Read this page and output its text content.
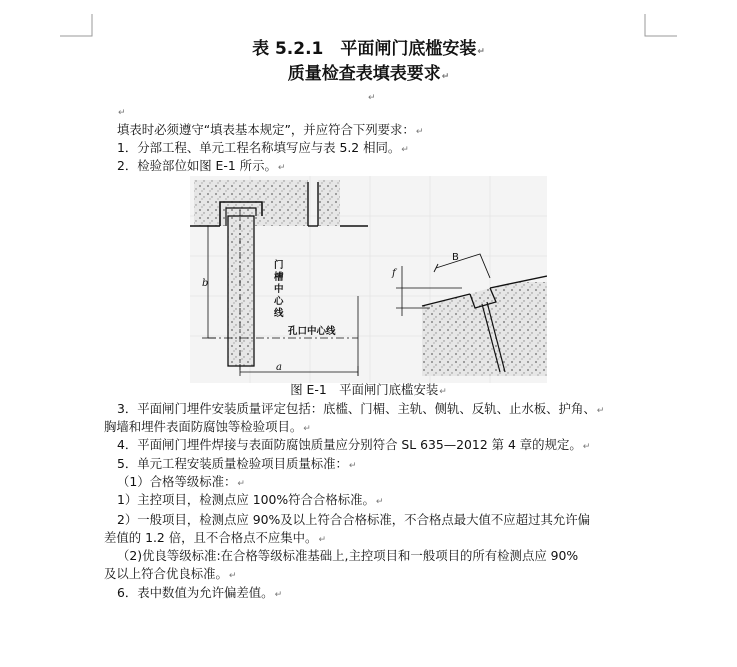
表 5.2.1　平面闸门底槛安装↵
质量检查表填表要求↵
↵
↵
填表时必须遵守“填表基本规定”，并应符合下列要求：↵
1．分部工程、单元工程名称填写应与表 5.2 相同。↵
2．检验部位如图 E-1 所示。↵
门 槽 中 心 线
b
孔口中心线
a
B
f
图 E-1　平面闸门底槛安装↵
3．平面闸门埋件安装质量评定包括：底槛、门楣、主轨、侧轨、反轨、止水板、护角、↵
胸墙和埋件表面防腐蚀等检验项目。↵
4．平面闸门埋件焊接与表面防腐蚀质量应分别符合 SL 635—2012 第 4 章的规定。↵
5．单元工程安装质量检验项目质量标准：↵
（1）合格等级标准：↵
1）主控项目，检测点应 100%符合合格标准。↵
2）一般项目，检测点应 90%及以上符合合格标准，不合格点最大值不应超过其允许偏
差值的 1.2 倍，且不合格点不应集中。↵
（2)优良等级标准:在合格等级标准基础上,主控项目和一般项目的所有检测点应 90%
及以上符合优良标准。↵
6．表中数值为允许偏差值。↵
